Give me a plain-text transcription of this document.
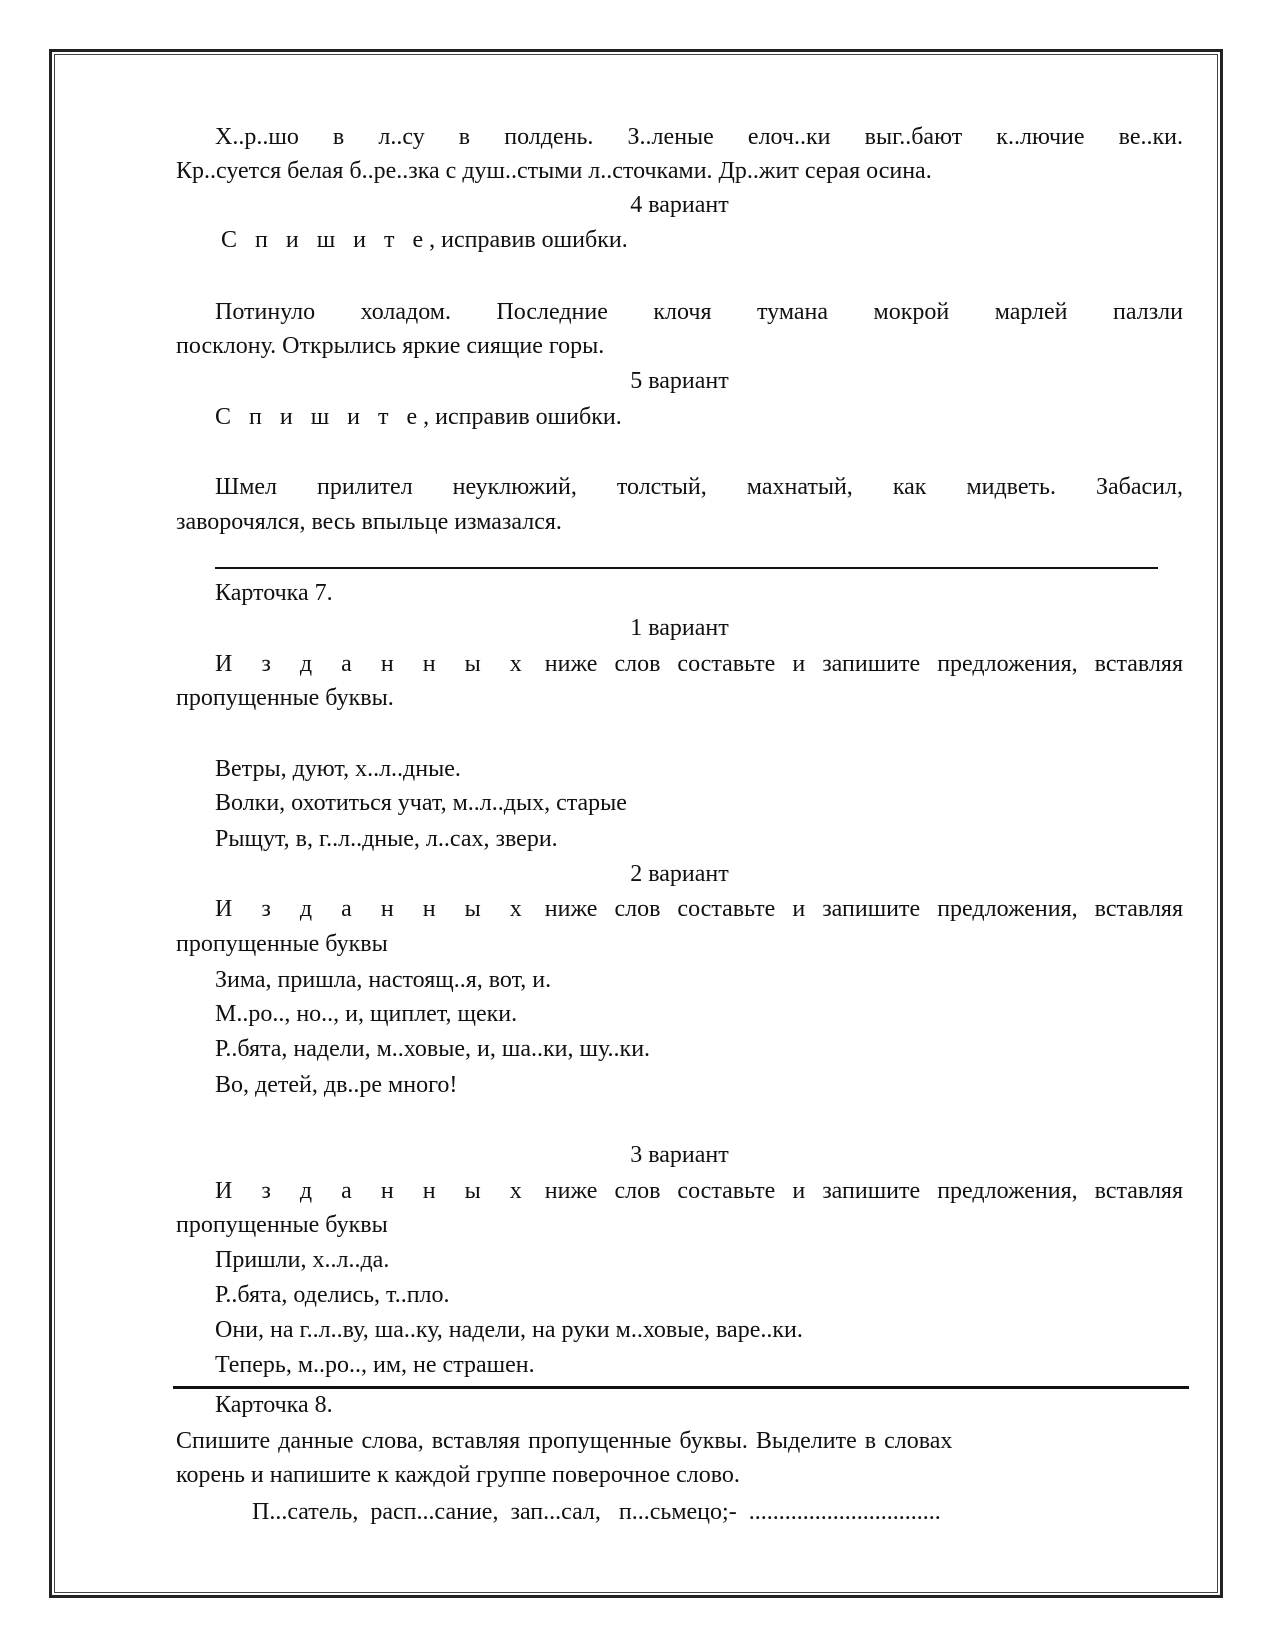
Х..р..шо в л..су в полдень. З..леные елоч..ки выг..бают к..лючие ве..ки.
Кр..суется белая б..ре..зка с душ..стыми л..сточками. Др..жит серая осина.
4 вариант
С п и ш и т е, исправив ошибки.
Потинуло холадом. Последние клочя тумана мокрой марлей палзли
посклону. Открылись яркие сиящие горы.
5 вариант
С п и ш и т е, исправив ошибки.
Шмел прилител неуклюжий, толстый, махнатый, как мидветь. Забасил,
заворочялся, весь впыльце измазался.
Карточка 7.
1 вариант
И з д а н н ы х ниже слов составьте и запишите предложения, вставляя
пропущенные буквы.
Ветры, дуют, х..л..дные.
Волки, охотиться учат, м..л..дых, старые
Рыщут, в, г..л..дные, л..сах, звери.
2 вариант
И з д а н н ы х ниже слов составьте и запишите предложения, вставляя
пропущенные буквы
Зима, пришла, настоящ..я, вот, и.
М..ро.., но.., и, щиплет, щеки.
Р..бята, надели, м..ховые, и, ша..ки, шу..ки.
Во, детей, дв..ре много!
3 вариант
И з д а н н ы х ниже слов составьте и запишите предложения, вставляя
пропущенные буквы
Пришли, х..л..да.
Р..бята, оделись, т..пло.
Они, на г..л..ву, ша..ку, надели, на руки м..ховые, варе..ки.
Теперь, м..ро.., им, не страшен.
Карточка 8.
Спишите данные слова, вставляя пропущенные буквы. Выделите в словах
корень и напишите к каждой группе поверочное слово.
П...сатель,  расп...сание,  зап...сал,   п...сьмецо;- ................................
